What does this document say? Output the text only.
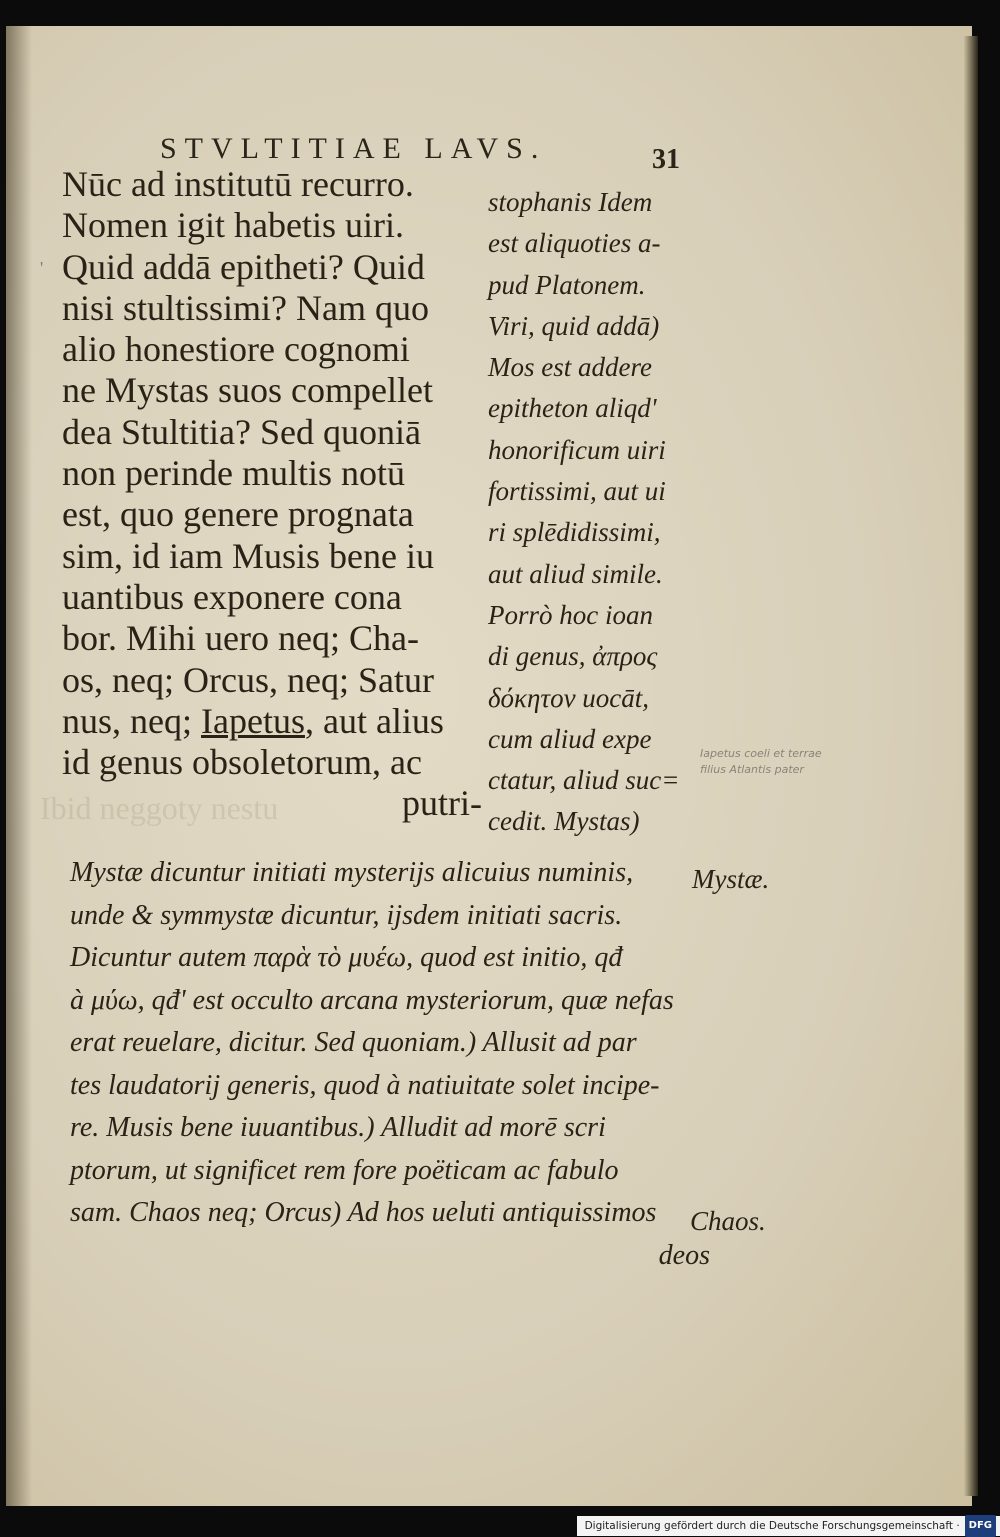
Ibid neggoty nestu
'
STVLTITIAE LAVS.	31
Nūc ad institutū recurro.
Nomen igit habetis uiri.
Quid addā epitheti? Quid
nisi stultissimi? Nam quo
alio honestiore cognomi
ne Mystas suos compellet
dea Stultitia? Sed quoniā
non perinde multis notū
est, quo genere prognata
sim, id iam Musis bene iu
uantibus exponere cona
bor. Mihi uero neq; Cha-
os, neq; Orcus, neq; Satur
nus, neq; Iapetus, aut alius
id genus obsoletorum, ac
putri-
stophanis Idem
est aliquoties a-
pud Platonem.
Viri, quid addā)
Mos est addere
epitheton aliqd'
honorificum uiri
fortissimi, aut ui
ri splēdidissimi,
aut aliud simile.
Porrò hoc ioan
di genus, ἀπρος
δόκητον uocāt,
cum aliud expe
ctatur, aliud suc=
cedit. Mystas)
Iapetus coeli et terrae
filius Atlantis pater
Mystæ dicuntur initiati mysterijs alicuius numinis,
unde & symmystæ dicuntur, ijsdem initiati sacris.
Dicuntur autem παρὰ τὸ μυέω, quod est initio, qđ
à μύω, qđ' est occulto arcana mysteriorum, quæ nefas
erat reuelare, dicitur. Sed quoniam.) Allusit ad par
tes laudatorij generis, quod à natiuitate solet incipe-
re. Musis bene iuuantibus.) Alludit ad morē scri
ptorum, ut significet rem fore poëticam ac fabulo
sam. Chaos neq; Orcus) Ad hos ueluti antiquissimos
deos
Mystæ.
Chaos.
Digitalisierung gefördert durch die Deutsche Forschungsgemeinschaft · DFG
